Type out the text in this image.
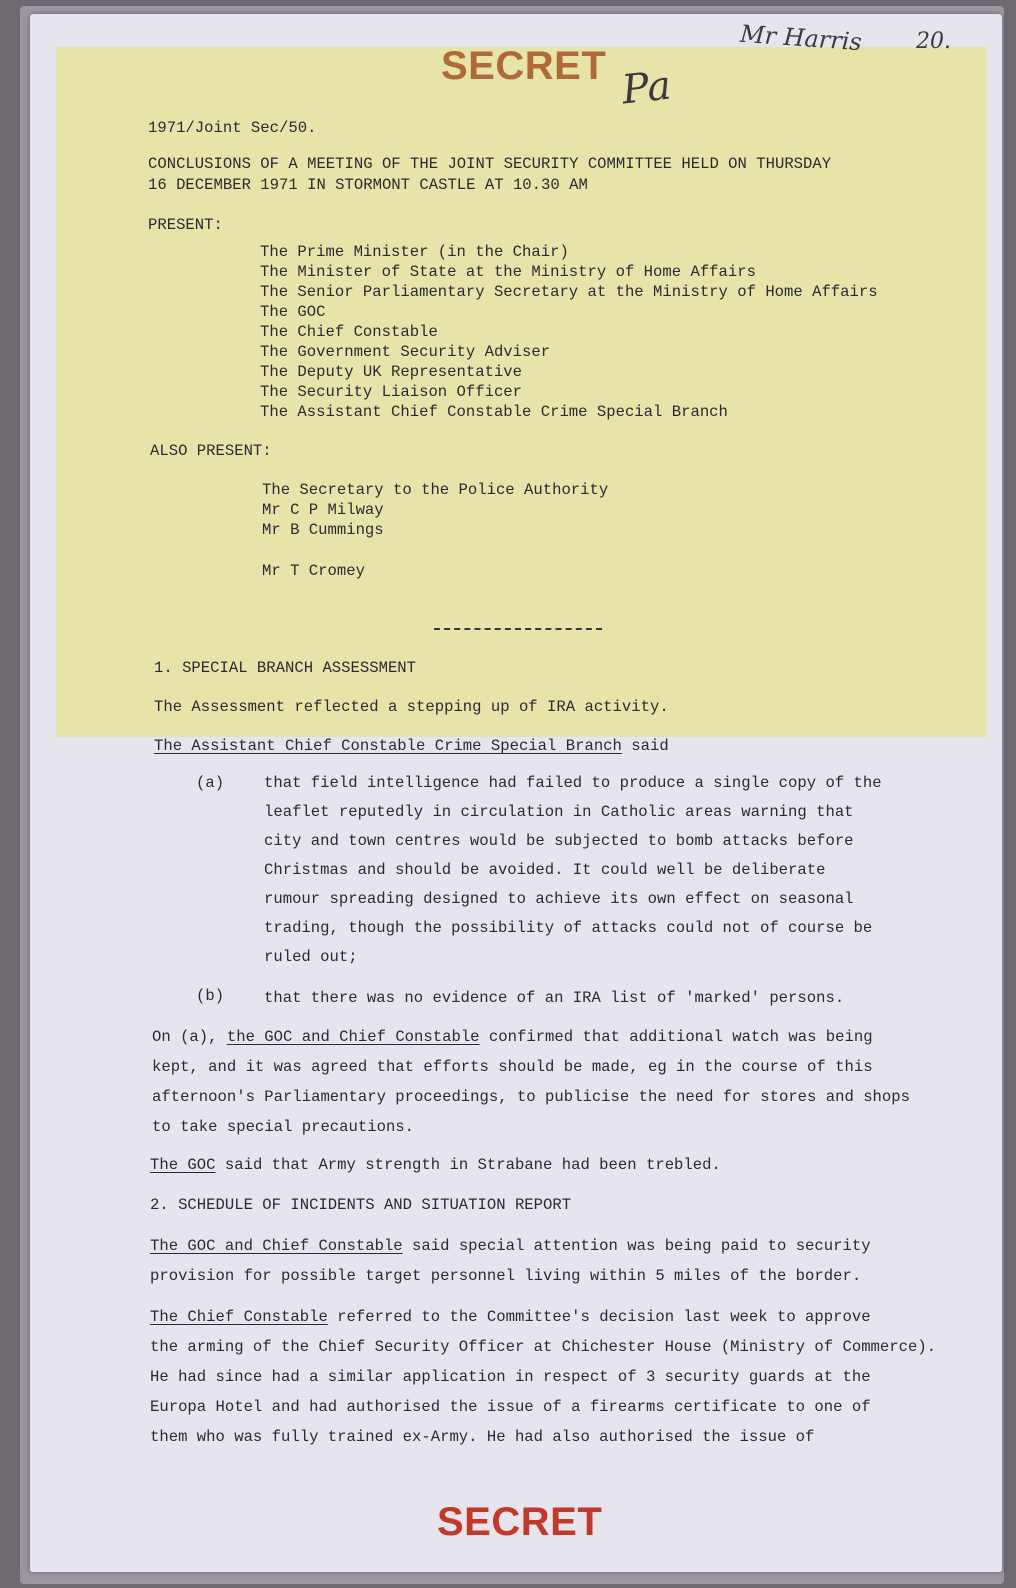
SECRET
Mr Harris 20.
Pa
1971/Joint Sec/50.
CONCLUSIONS OF A MEETING OF THE JOINT SECURITY COMMITTEE HELD ON THURSDAY
16 DECEMBER 1971 IN STORMONT CASTLE AT 10.30 AM
PRESENT:
The Prime Minister (in the Chair)
The Minister of State at the Ministry of Home Affairs
The Senior Parliamentary Secretary at the Ministry of Home Affairs
The GOC
The Chief Constable
The Government Security Adviser
The Deputy UK Representative
The Security Liaison Officer
The Assistant Chief Constable Crime Special Branch
ALSO PRESENT:
The Secretary to the Police Authority
Mr C P Milway
Mr B Cummings
Mr T Cromey
1. SPECIAL BRANCH ASSESSMENT
The Assessment reflected a stepping up of IRA activity.
The Assistant Chief Constable Crime Special Branch said
(a)	that field intelligence had failed to produce a single copy of the
leaflet reputedly in circulation in Catholic areas warning that
city and town centres would be subjected to bomb attacks before
Christmas and should be avoided. It could well be deliberate
rumour spreading designed to achieve its own effect on seasonal
trading, though the possibility of attacks could not of course be
ruled out;
(b)	that there was no evidence of an IRA list of 'marked' persons.
On (a), the GOC and Chief Constable confirmed that additional watch was being
kept, and it was agreed that efforts should be made, eg in the course of this
afternoon's Parliamentary proceedings, to publicise the need for stores and shops
to take special precautions.
The GOC said that Army strength in Strabane had been trebled.
2. SCHEDULE OF INCIDENTS AND SITUATION REPORT
The GOC and Chief Constable said special attention was being paid to security
provision for possible target personnel living within 5 miles of the border.
The Chief Constable referred to the Committee's decision last week to approve
the arming of the Chief Security Officer at Chichester House (Ministry of Commerce).
He had since had a similar application in respect of 3 security guards at the
Europa Hotel and had authorised the issue of a firearms certificate to one of
them who was fully trained ex-Army. He had also authorised the issue of
SECRET
